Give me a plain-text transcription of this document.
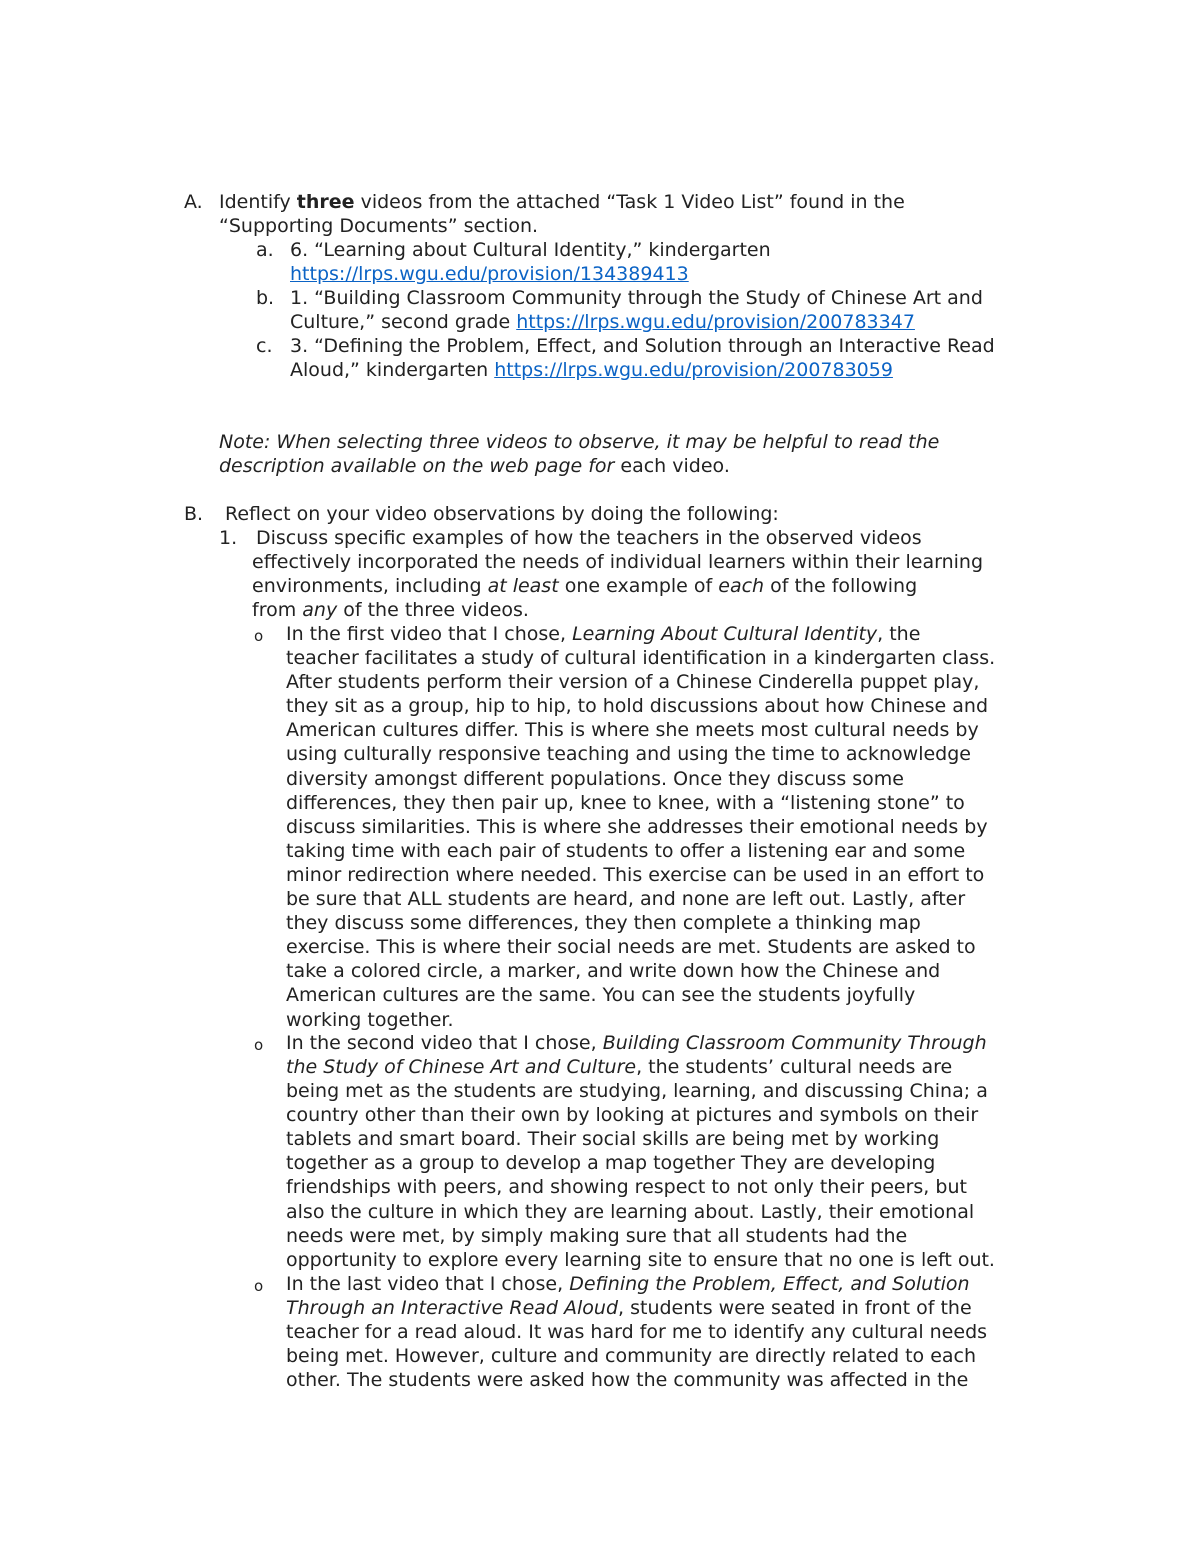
A. Identify three videos from the attached “Task 1 Video List” found in the
“Supporting Documents” section.
a. 6. “Learning about Cultural Identity,” kindergarten
https://lrps.wgu.edu/provision/134389413
b. 1. “Building Classroom Community through the Study of Chinese Art and
Culture,” second grade https://lrps.wgu.edu/provision/200783347
c. 3. “Defining the Problem, Effect, and Solution through an Interactive Read
Aloud,” kindergarten https://lrps.wgu.edu/provision/200783059
Note: When selecting three videos to observe, it may be helpful to read the
description available on the web page for each video.
B. Reflect on your video observations by doing the following:
1. Discuss specific examples of how the teachers in the observed videos
effectively incorporated the needs of individual learners within their learning
environments, including at least one example of each of the following
from any of the three videos.
o In the first video that I chose, Learning About Cultural Identity, the
teacher facilitates a study of cultural identification in a kindergarten class.
After students perform their version of a Chinese Cinderella puppet play,
they sit as a group, hip to hip, to hold discussions about how Chinese and
American cultures differ. This is where she meets most cultural needs by
using culturally responsive teaching and using the time to acknowledge
diversity amongst different populations. Once they discuss some
differences, they then pair up, knee to knee, with a “listening stone” to
discuss similarities. This is where she addresses their emotional needs by
taking time with each pair of students to offer a listening ear and some
minor redirection where needed. This exercise can be used in an effort to
be sure that ALL students are heard, and none are left out. Lastly, after
they discuss some differences, they then complete a thinking map
exercise. This is where their social needs are met. Students are asked to
take a colored circle, a marker, and write down how the Chinese and
American cultures are the same. You can see the students joyfully
working together.
o In the second video that I chose, Building Classroom Community Through
the Study of Chinese Art and Culture, the students’ cultural needs are
being met as the students are studying, learning, and discussing China; a
country other than their own by looking at pictures and symbols on their
tablets and smart board. Their social skills are being met by working
together as a group to develop a map together They are developing
friendships with peers, and showing respect to not only their peers, but
also the culture in which they are learning about. Lastly, their emotional
needs were met, by simply making sure that all students had the
opportunity to explore every learning site to ensure that no one is left out.
o In the last video that I chose, Defining the Problem, Effect, and Solution
Through an Interactive Read Aloud, students were seated in front of the
teacher for a read aloud. It was hard for me to identify any cultural needs
being met. However, culture and community are directly related to each
other. The students were asked how the community was affected in the
